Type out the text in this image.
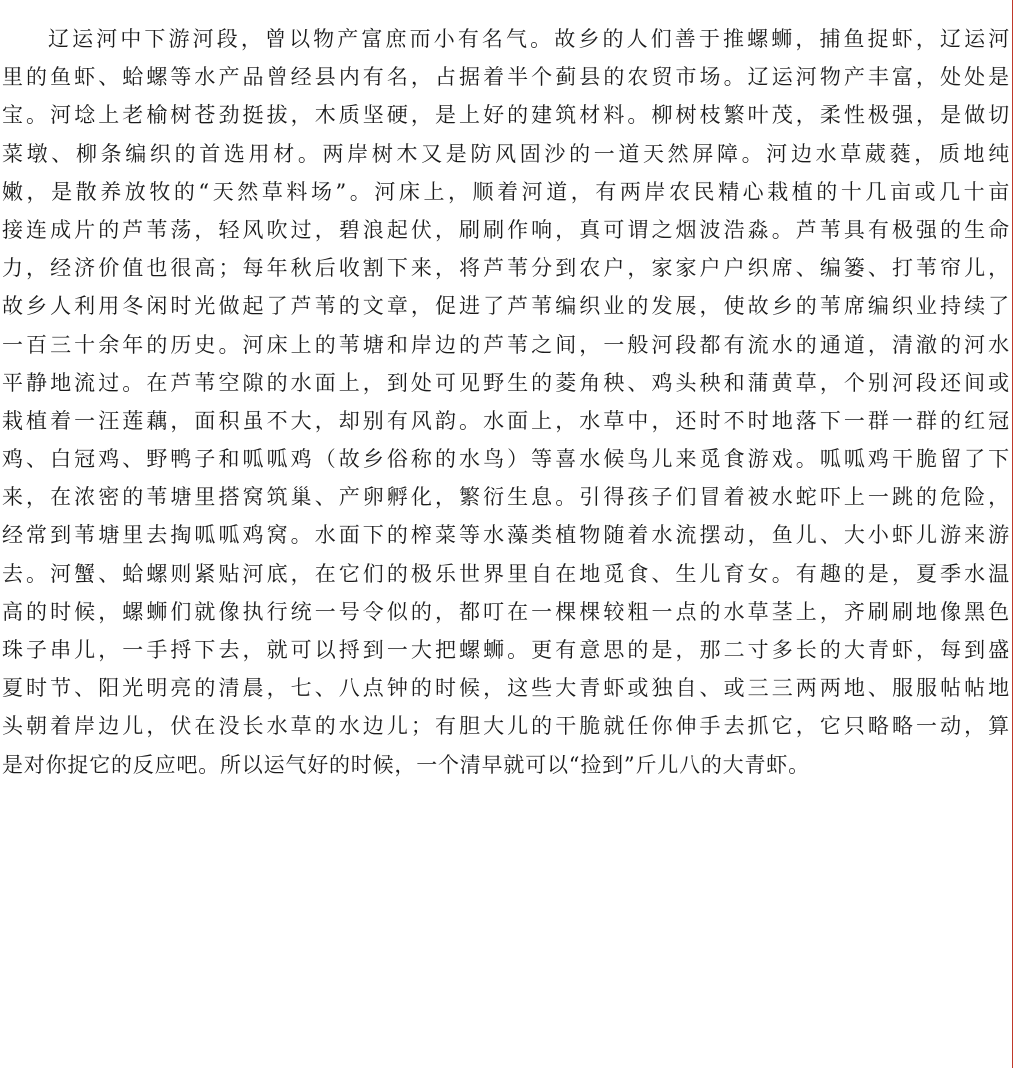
辽运河中下游河段，曾以物产富庶而小有名气。故乡的人们善于推螺蛳，捕鱼捉虾，辽运河
里的鱼虾、蛤螺等水产品曾经县内有名，占据着半个蓟县的农贸市场。辽运河物产丰富，处处是
宝。河埝上老榆树苍劲挺拔，木质坚硬，是上好的建筑材料。柳树枝繁叶茂，柔性极强，是做切
菜墩、柳条编织的首选用材。两岸树木又是防风固沙的一道天然屏障。河边水草葳蕤，质地纯
嫩，是散养放牧的“天然草料场”。河床上，顺着河道，有两岸农民精心栽植的十几亩或几十亩
接连成片的芦苇荡，轻风吹过，碧浪起伏，刷刷作响，真可谓之烟波浩淼。芦苇具有极强的生命
力，经济价值也很高；每年秋后收割下来，将芦苇分到农户，家家户户织席、编篓、打苇帘儿，
故乡人利用冬闲时光做起了芦苇的文章，促进了芦苇编织业的发展，使故乡的苇席编织业持续了
一百三十余年的历史。河床上的苇塘和岸边的芦苇之间，一般河段都有流水的通道，清澈的河水
平静地流过。在芦苇空隙的水面上，到处可见野生的菱角秧、鸡头秧和蒲黄草，个别河段还间或
栽植着一汪莲藕，面积虽不大，却别有风韵。水面上，水草中，还时不时地落下一群一群的红冠
鸡、白冠鸡、野鸭子和呱呱鸡（故乡俗称的水鸟）等喜水候鸟儿来觅食游戏。呱呱鸡干脆留了下
来，在浓密的苇塘里搭窝筑巢、产卵孵化，繁衍生息。引得孩子们冒着被水蛇吓上一跳的危险，
经常到苇塘里去掏呱呱鸡窝。水面下的榨菜等水藻类植物随着水流摆动，鱼儿、大小虾儿游来游
去。河蟹、蛤螺则紧贴河底，在它们的极乐世界里自在地觅食、生儿育女。有趣的是，夏季水温
高的时候，螺蛳们就像执行统一号令似的，都叮在一棵棵较粗一点的水草茎上，齐刷刷地像黑色
珠子串儿，一手捋下去，就可以捋到一大把螺蛳。更有意思的是，那二寸多长的大青虾，每到盛
夏时节、阳光明亮的清晨，七、八点钟的时候，这些大青虾或独自、或三三两两地、服服帖帖地
头朝着岸边儿，伏在没长水草的水边儿；有胆大儿的干脆就任你伸手去抓它，它只略略一动，算
是对你捉它的反应吧。所以运气好的时候，一个清早就可以“捡到”斤儿八的大青虾。
